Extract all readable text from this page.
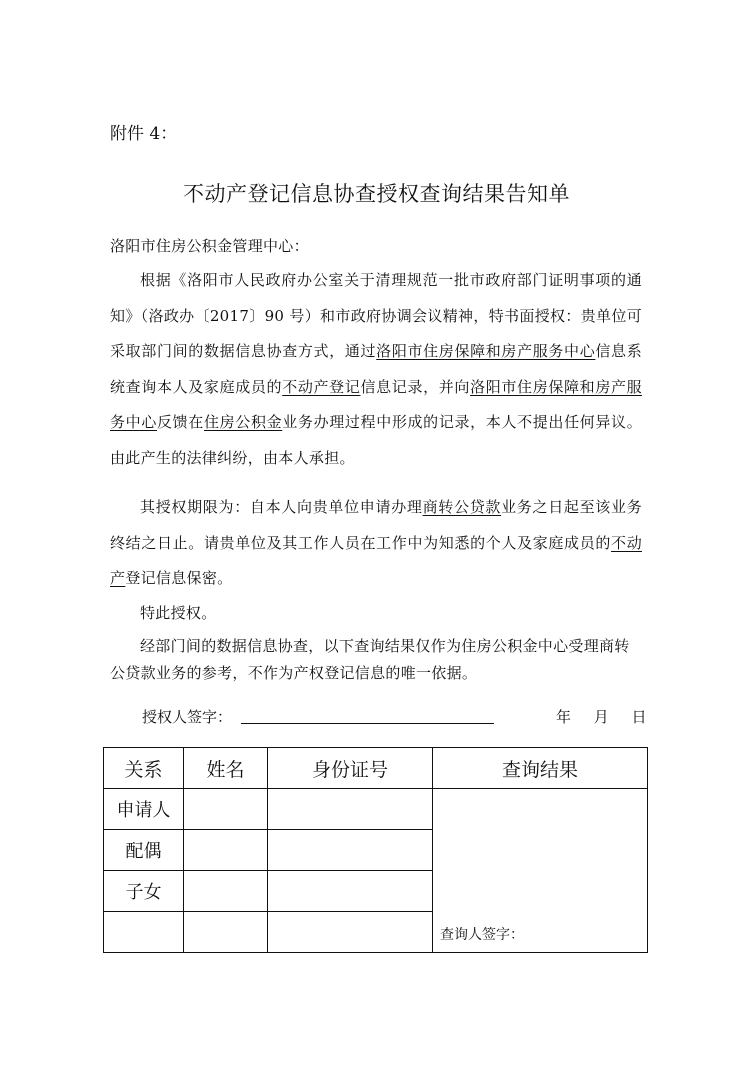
附件 4：
不动产登记信息协查授权查询结果告知单
洛阳市住房公积金管理中心：
根据《洛阳市人民政府办公室关于清理规范一批市政府部门证明事项的通知》（洛政办〔2017〕90 号）和市政府协调会议精神，特书面授权：贵单位可采取部门间的数据信息协查方式，通过洛阳市住房保障和房产服务中心信息系统查询本人及家庭成员的不动产登记信息记录，并向洛阳市住房保障和房产服务中心反馈在住房公积金业务办理过程中形成的记录，本人不提出任何异议。由此产生的法律纠纷，由本人承担。
其授权期限为：自本人向贵单位申请办理商转公贷款业务之日起至该业务终结之日止。请贵单位及其工作人员在工作中为知悉的个人及家庭成员的不动产登记信息保密。
特此授权。
经部门间的数据信息协查，以下查询结果仅作为住房公积金中心受理商转公贷款业务的参考，不作为产权登记信息的唯一依据。
授权人签字：	年 月 日
关系	姓名	身份证号	查询结果
申请人			查询人签字：

配偶			
子女			
